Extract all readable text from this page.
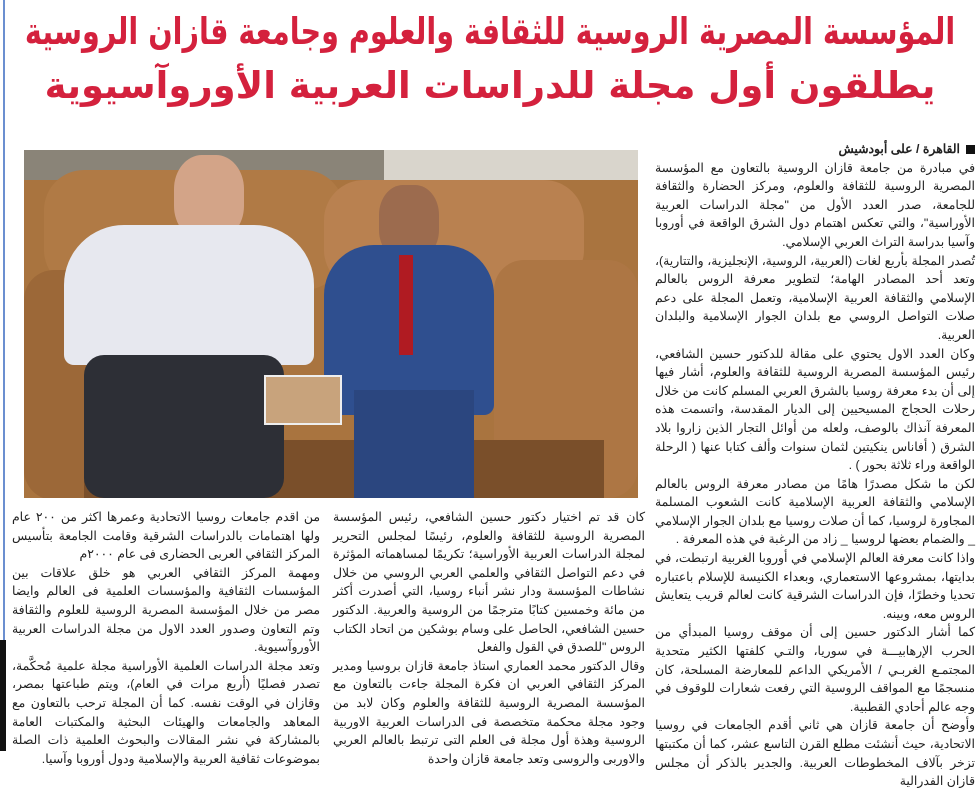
المؤسسة المصرية الروسية للثقافة والعلوم وجامعة قازان الروسية
يطلقون أول مجلة للدراسات العربية الأوروآسيوية
القاهرة / على أبودشيش

في مبادرة من جامعة قازان الروسية بالتعاون مع المؤسسة المصرية الروسية للثقافة والعلوم، ومركز الحضارة والثقافة للجامعة، صدر العدد الأول من "مجلة الدراسات العربية الأوراسية"، والتي تعكس اهتمام دول الشرق الواقعة في أوروبا وآسيا بدراسة التراث العربي الإسلامي.

تُصدر المجلة بأربع لغات (العربية، الروسية، الإنجليزية، والتتارية)، وتعد أحد المصادر الهامة؛ لتطوير معرفة الروس بالعالم الإسلامي والثقافة العربية الإسلامية، وتعمل المجلة على دعم صلات التواصل الروسي مع بلدان الجوار الإسلامية والبلدان العربية.

وكان العدد الاول يحتوي على مقالة للدكتور حسين الشافعي، رئيس المؤسسة المصرية الروسية للثقافة والعلوم، أشار فيها إلى أن بدء معرفة روسيا بالشرق العربي المسلم كانت من خلال رحلات الحجاج المسيحيين إلى الديار المقدسة، واتسمت هذه المعرفة آنذاك بالوصف، ولعله من أوائل التجار الذين زاروا بلاد الشرق ( أفاناس ينكيتين لثمان سنوات وألف كتابا عنها ( الرحلة الواقعة وراء ثلاثة بحور ) .

لكن ما شكل مصدرًا هامًا من مصادر معرفة الروس بالعالم الإسلامي والثقافة العربية الإسلامية كانت الشعوب المسلمة المجاورة لروسيا، كما أن صلات روسيا مع بلدان الجوار الإسلامي _ والضمام بعضها لروسيا _ زاد من الرغبة في هذه المعرفة .

واذا كانت معرفة العالم الإسلامي في أوروبا الغربية ارتبطت، في بدايتها، بمشروعها الاستعماري، وبعداء الكنيسة للإسلام باعتباره تحديا وخطرًا، فإن الدراسات الشرقية كانت لعالم قريب يتعايش الروس معه، وبينه.

كما أشار الدكتور حسين إلى أن موقف روسيا المبدأي من الحرب الإرهابيـــة في سوريا، والتـي كلفتها الكثير متحدية المجتمـع الغربـي / الأمريكي الداعم للمعارضة المسلحة، كان منسجمًا مع المواقف الروسية التي رفعت شعارات للوقوف في وجه عالم أحادي القطبية.

وأوضح أن جامعة قازان هي ثاني أقدم الجامعات في روسيا الاتحادية، حيث أنشئت مطلع القرن التاسع عشر، كما أن مكتبتها تزخر بآلاف المخطوطات العربية. والجدير بالذكر أن مجلس قازان الفدرالية

كان قد تم اختيار دكتور حسين الشافعي، رئيس المؤسسة المصرية الروسية للثقافة والعلوم، رئيسًا لمجلس التحرير لمجلة الدراسات العربية الأوراسية؛ تكريمًا لمساهماته المؤثرة في دعم التواصل الثقافي والعلمي العربي الروسي من خلال نشاطات المؤسسة ودار نشر أنباء روسيا، التي أصدرت أكثر من مائة وخمسين كتابًا مترجمًا من الروسية والعربية. الدكتور حسين الشافعي، الحاصل على وسام بوشكين من اتحاد الكتاب الروس "للصدق في القول والفعل

وقال الدكتور محمد العماري استاذ جامعة قازان بروسيا ومدير المركز الثقافي العربي ان فكرة المجلة جاءت بالتعاون مع المؤسسة المصرية الروسية للثقافة والعلوم وكان لابد من وجود مجلة محكمة متخصصة فى الدراسات العربية الاوربية الروسية وهذة أول مجلة فى العلم التى ترتبط بالعالم العربي والاوربى والروسى وتعد جامعة قازان واحدة

من اقدم جامعات روسيا الاتحادية وعمرها اكثر من ٢٠٠ عام ولها اهتمامات بالدراسات الشرقية وقامت الجامعة بتأسيس المركز الثقافي العربى الحضارى فى عام ٢٠٠٠م

ومهمة المركز الثقافي العربي هو خلق علاقات بين المؤسسات الثقافية والمؤسسات العلمية فى العالم وايضا مصر من خلال المؤسسة المصرية الروسية للعلوم والثقافة وتم التعاون وصدور العدد الاول من مجلة الدراسات العربية الأوروآسيوية.

وتعد مجلة الدراسات العلمية الأوراسية مجلة علمية مُحكَّمة، تصدر فصليًا (أربع مرات في العام)، ويتم طباعتها بمصر، وقازان في الوقت نفسه. كما أن المجلة ترحب بالتعاون مع المعاهد والجامعات والهيئات البحثية والمكتبات العامة بالمشاركة في نشر المقالات والبحوث العلمية ذات الصلة بموضوعات ثقافية العربية والإسلامية ودول أوروبا وآسيا.
